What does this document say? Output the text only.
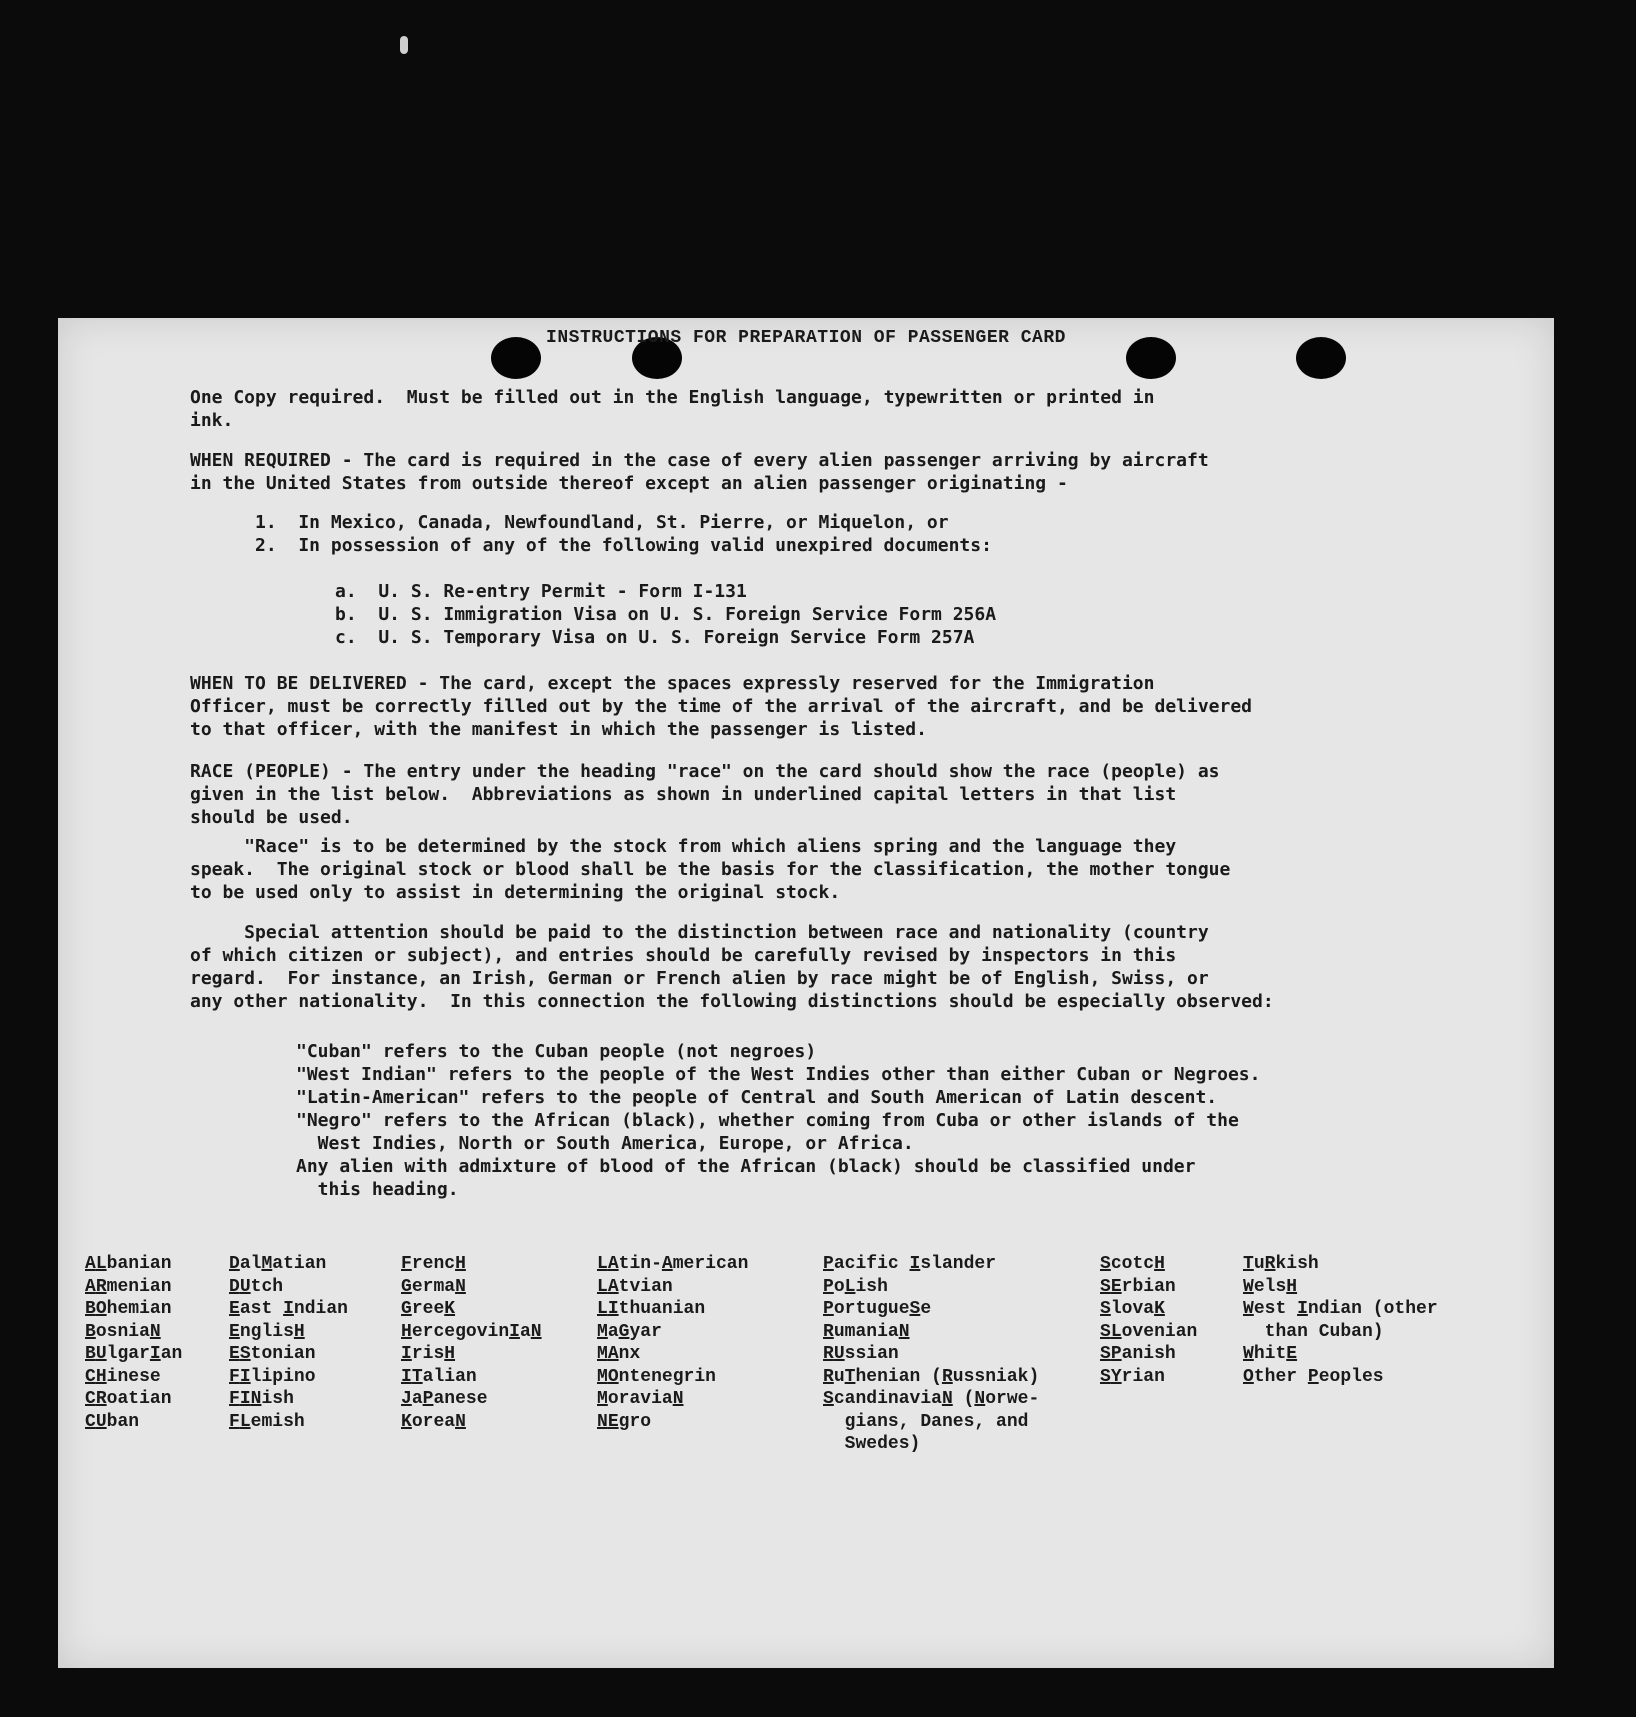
INSTRUCTIONS FOR PREPARATION OF PASSENGER CARD
One Copy required.  Must be filled out in the English language, typewritten or printed in
ink.
WHEN REQUIRED - The card is required in the case of every alien passenger arriving by aircraft
in the United States from outside thereof except an alien passenger originating -
1.  In Mexico, Canada, Newfoundland, St. Pierre, or Miquelon, or
2.  In possession of any of the following valid unexpired documents:
a.  U. S. Re-entry Permit - Form I-131
b.  U. S. Immigration Visa on U. S. Foreign Service Form 256A
c.  U. S. Temporary Visa on U. S. Foreign Service Form 257A
WHEN TO BE DELIVERED - The card, except the spaces expressly reserved for the Immigration
Officer, must be correctly filled out by the time of the arrival of the aircraft, and be delivered
to that officer, with the manifest in which the passenger is listed.
RACE (PEOPLE) - The entry under the heading "race" on the card should show the race (people) as
given in the list below.  Abbreviations as shown in underlined capital letters in that list
should be used.
"Race" is to be determined by the stock from which aliens spring and the language they
speak.  The original stock or blood shall be the basis for the classification, the mother tongue
to be used only to assist in determining the original stock.
Special attention should be paid to the distinction between race and nationality (country
of which citizen or subject), and entries should be carefully revised by inspectors in this
regard.  For instance, an Irish, German or French alien by race might be of English, Swiss, or
any other nationality.  In this connection the following distinctions should be especially observed:
"Cuban" refers to the Cuban people (not negroes)
"West Indian" refers to the people of the West Indies other than either Cuban or Negroes.
"Latin-American" refers to the people of Central and South American of Latin descent.
"Negro" refers to the African (black), whether coming from Cuba or other islands of the
West Indies, North or South America, Europe, or Africa.
Any alien with admixture of blood of the African (black) should be classified under
this heading.
ALbanian
ARmenian
BOhemian
BosniaN
BUlgarIan
CHinese
CRoatian
CUban
DalMatian
DUtch
East Indian
EnglisH
EStonian
FIlipino
FINish
FLemish
FrencH
GermaN
GreeK
HercegovinIaN
IrisH
ITalian
JaPanese
KoreaN
LAtin-American
LAtvian
LIthuanian
MaGyar
MAnx
MOntenegrin
MoraviaN
NEgro
Pacific Islander
PoLish
PortugueSe
RumaniaN
RUssian
RuThenian (Russniak)
ScandinaviaN (Norwe-
gians, Danes, and
Swedes)
ScotcH
SErbian
SlovaK
SLovenian
SPanish
SYrian
TuRkish
WelsH
West Indian (other
than Cuban)
WhitE
Other Peoples
